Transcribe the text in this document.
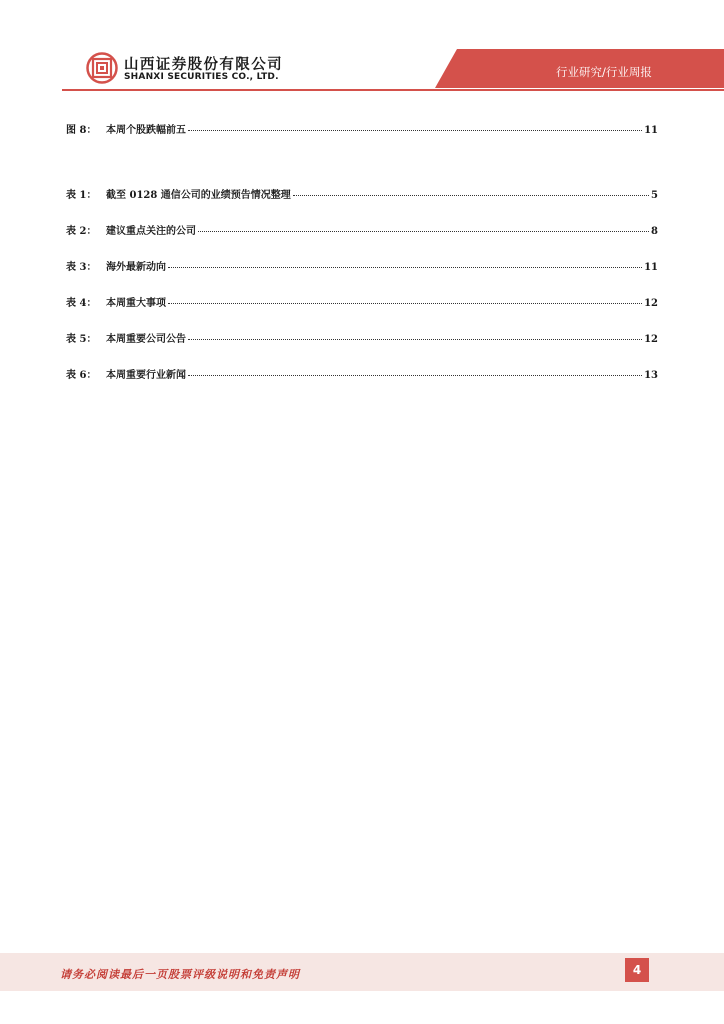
山西证券股份有限公司
SHANXI SECURITIES CO., LTD.	行业研究/行业周报
图 8： 本周个股跌幅前五	11
表 1： 截至 0128 通信公司的业绩预告情况整理	5
表 2： 建议重点关注的公司	8
表 3： 海外最新动向	11
表 4： 本周重大事项	12
表 5： 本周重要公司公告	12
表 6： 本周重要行业新闻	13
请务必阅读最后一页股票评级说明和免责声明	4
